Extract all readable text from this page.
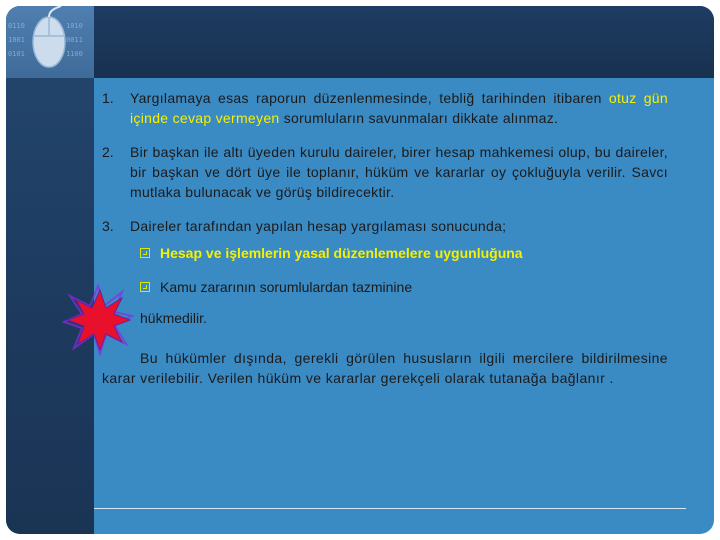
0110
1001
0101
1010
0011
1100
1.	Yargılamaya esas raporun düzenlenmesinde, tebliğ tarihinden itibaren otuz gün içinde cevap vermeyen sorumluların savunmaları dikkate alınmaz.
2.	Bir başkan ile altı üyeden kurulu daireler, birer hesap mahkemesi olup, bu daireler, bir başkan ve dört üye ile toplanır, hüküm ve kararlar oy çokluğuyla verilir. Savcı mutlaka bulunacak ve görüş bildirecektir.
3.	Daireler tarafından yapılan hesap yargılaması sonucunda;
Hesap ve işlemlerin yasal düzenlemelere uygunluğuna
Kamu zararının sorumlulardan tazminine
hükmedilir.
Bu hükümler dışında, gerekli görülen hususların ilgili mercilere bildirilmesine karar verilebilir. Verilen hüküm ve kararlar gerekçeli olarak tutanağa bağlanır .
